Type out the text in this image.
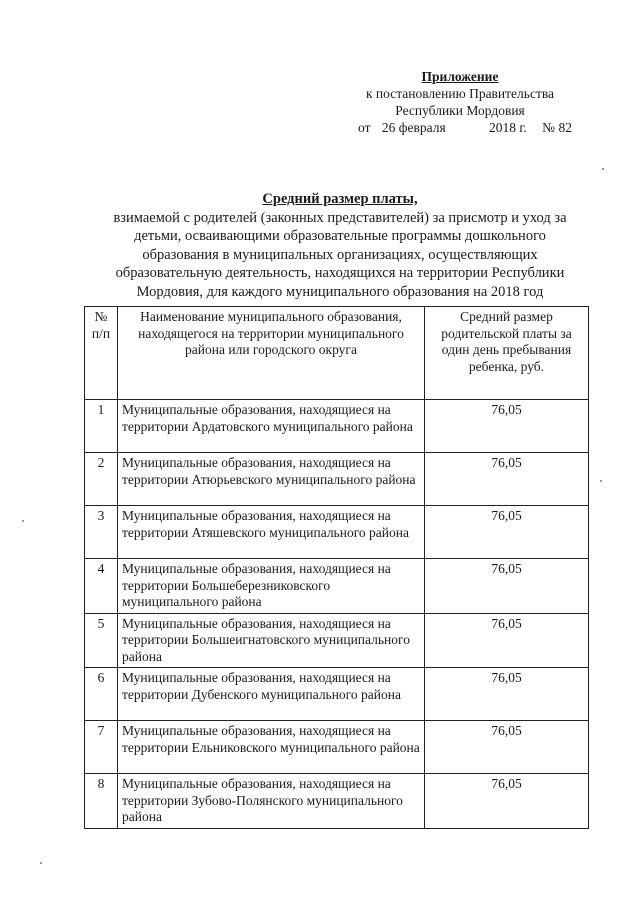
Приложение
к постановлению Правительства
Республики Мордовия
от 26 февраля	2018 г. № 82
Средний размер платы,
взимаемой с родителей (законных представителей) за присмотр и уход за
детьми, осваивающими образовательные программы дошкольного
образования в муниципальных организациях, осуществляющих
образовательную деятельность, находящихся на территории Республики
Мордовия, для каждого муниципального образования на 2018 год
№ п/п	Наименование муниципального образования, находящегося на территории муниципального района или городского округа	Средний размер родительской платы за один день пребывания ребенка, руб.
1	Муниципальные образования, находящиеся на территории Ардатовского муниципального района	76,05
2	Муниципальные образования, находящиеся на территории Атюрьевского муниципального района	76,05
3	Муниципальные образования, находящиеся на территории Атяшевского муниципального района	76,05
4	Муниципальные образования, находящиеся на территории Большеберезниковского муниципального района	76,05
5	Муниципальные образования, находящиеся на территории Большеигнатовского муниципального района	76,05
6	Муниципальные образования, находящиеся на территории Дубенского муниципального района	76,05
7	Муниципальные образования, находящиеся на территории Ельниковского муниципального района	76,05
8	Муниципальные образования, находящиеся на территории Зубово-Полянского муниципального района	76,05
